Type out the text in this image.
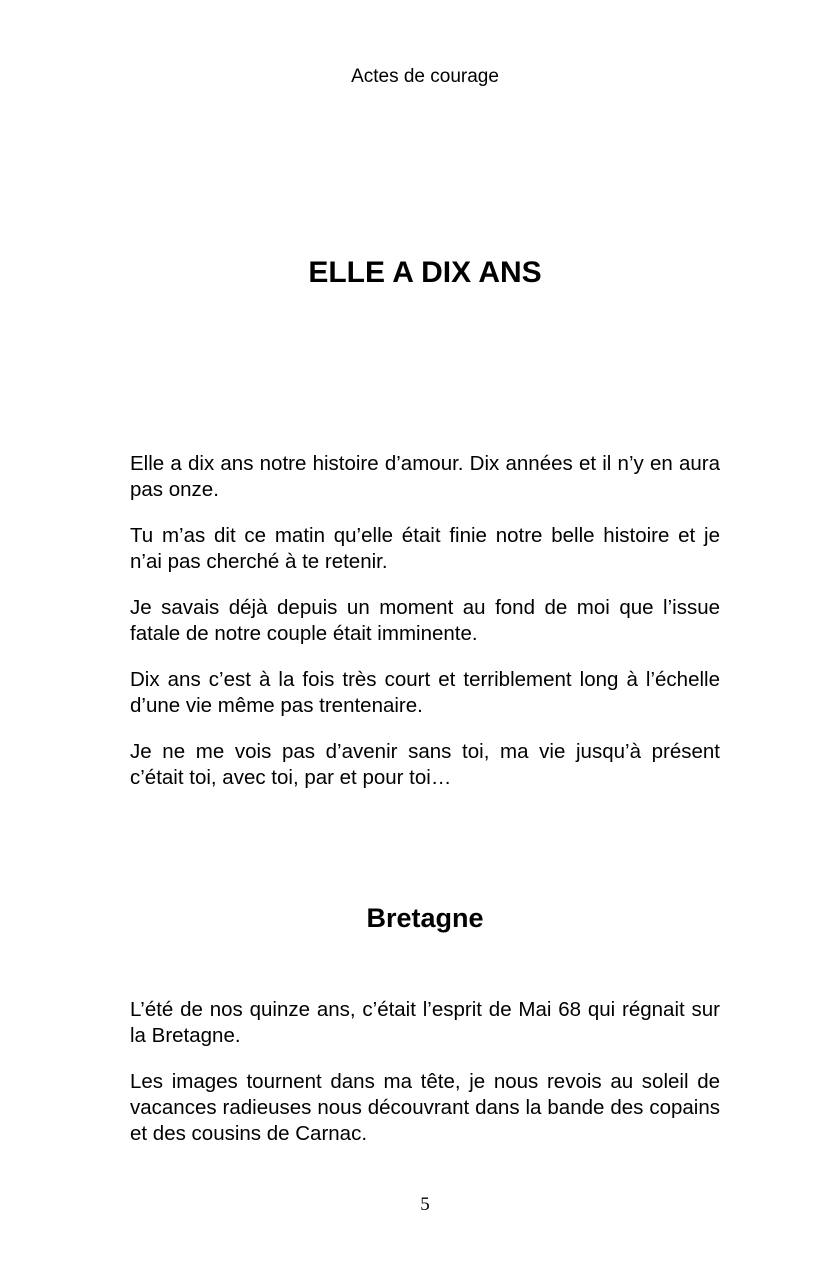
Actes de courage
ELLE A DIX ANS

Elle a dix ans notre histoire d’amour. Dix années et il n’y en aura pas onze.

Tu m’as dit ce matin qu’elle était finie notre belle histoire et je n’ai pas cherché à te retenir.

Je savais déjà depuis un moment au fond de moi que l’issue fatale de notre couple était imminente.

Dix ans c’est à la fois très court et terriblement long à l’échelle d’une vie même pas trentenaire.

Je ne me vois pas d’avenir sans toi, ma vie jusqu’à présent c’était toi, avec toi, par et pour toi…

Bretagne

L’été de nos quinze ans, c’était l’esprit de Mai 68 qui régnait sur la Bretagne.

Les images tournent dans ma tête, je nous revois au soleil de vacances radieuses nous découvrant dans la bande des copains et des cousins de Carnac.

5
